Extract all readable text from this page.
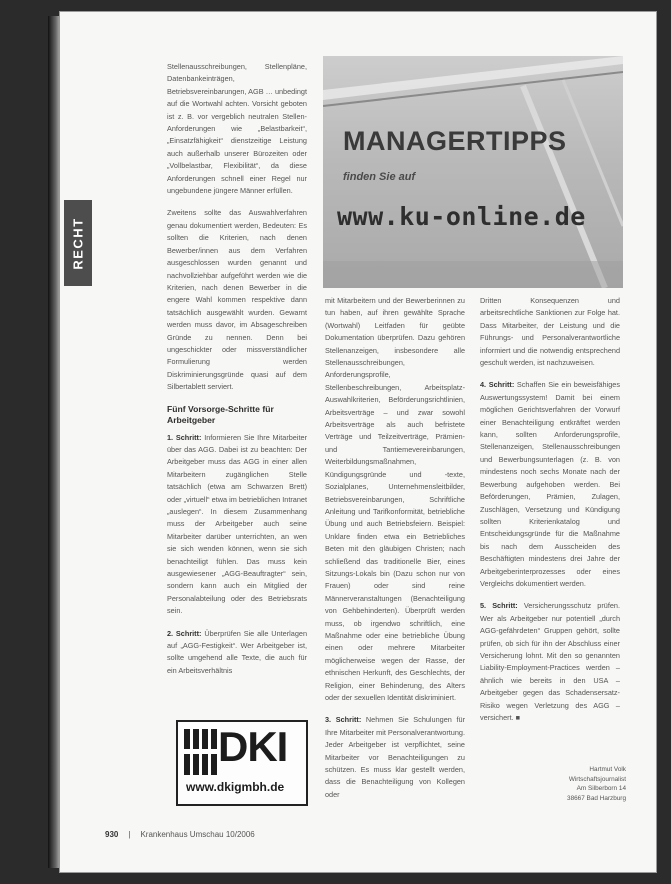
RECHT

Stellenausschreibungen, Stellenpläne, Datenbankeinträgen, Betriebsvereinbarungen, AGB … unbedingt auf die Wortwahl achten. Vorsicht geboten ist z. B. vor vergeblich neutralen Stellen-Anforderungen wie „Belastbarkeit“, „Einsatzfähigkeit“ dienstzeitige Leistung auch außerhalb unserer Bürozeiten oder „Vollbelastbar, Flexibilität“, da diese Anforderungen schnell einer Regel nur ungebundene jüngere Männer erfüllen.

Zweitens sollte das Auswahlverfahren genau dokumentiert werden, Bedeuten: Es sollten die Kriterien, nach denen Bewerber/innen aus dem Verfahren ausgeschlossen wurden genannt und nachvollziehbar aufgeführt werden wie die Kriterien, nach denen Bewerber in die engere Wahl kommen respektive dann tatsächlich ausgewählt wurden. Gewarnt werden muss davor, im Absageschreiben Gründe zu nennen. Denn bei ungeschickter oder missverständlicher Formulierung werden Diskriminierungsgründe quasi auf dem Silbertablett serviert.

Fünf Vorsorge-Schritte für Arbeitgeber

1. Schritt: Informieren Sie Ihre Mitarbeiter über das AGG. Dabei ist zu beachten: Der Arbeitgeber muss das AGG in einer allen Mitarbeitern zugänglichen Stelle tatsächlich (etwa am Schwarzen Brett) oder „virtuell“ etwa im betrieblichen Intranet „auslegen“. In diesem Zusammenhang muss der Arbeitgeber auch seine Mitarbeiter darüber unterrichten, an wen sie sich wenden können, wenn sie sich benachteiligt fühlen. Das muss kein ausgewiesener „AGG-Beauftragter“ sein, sondern kann auch ein Mitglied der Personalabteilung oder des Betriebsrats sein.

2. Schritt: Überprüfen Sie alle Unterlagen auf „AGG-Festigkeit“. Wer Arbeitgeber ist, sollte umgehend alle Texte, die auch für ein Arbeitsverhältnis

MANAGERTIPPS
finden Sie auf
www.ku-online.de

mit Mitarbeitern und der Bewerberinnen zu tun haben, auf ihren gewählte Sprache (Wortwahl) Leitfaden für geübte Dokumentation überprüfen. Dazu gehören Stellenanzeigen, insbesondere alle Stellenausschreibungen, Anforderungsprofile, Stellenbeschreibungen, Arbeitsplatz-Auswahlkriterien, Beförderungsrichtlinien, Arbeitsverträge – und zwar sowohl Arbeitsverträge als auch befristete Verträge und Teilzeitverträge, Prämien- und Tantiemevereinbarungen, Weiterbildungsmaßnahmen, Kündigungsgründe und -texte, Sozialplanes, Unternehmensleitbilder, Betriebsvereinbarungen, Schriftliche Anleitung und Tarifkonformität, betriebliche Übung und auch Betriebsfeiern. Beispiel: Unklare finden etwa ein Betriebliches Beten mit den gläubigen Christen; nach schließend das traditionelle Bier, eines Sitzungs-Lokals bin (Dazu schon nur von Frauen) oder sind reine Männerveranstaltungen (Benachteiligung von Gehbehinderten). Überprüft werden muss, ob irgendwo schriftlich, eine Maßnahme oder eine betriebliche Übung einen oder mehrere Mitarbeiter möglicherweise wegen der Rasse, der ethnischen Herkunft, des Geschlechts, der Religion, einer Behinderung, des Alters oder der sexuellen Identität diskriminiert.

3. Schritt: Nehmen Sie Schulungen für Ihre Mitarbeiter mit Personalverantwortung. Jeder Arbeitgeber ist verpflichtet, seine Mitarbeiter vor Benachteiligungen zu schützen. Es muss klar gestellt werden, dass die Benachteiligung von Kollegen oder

Dritten Konsequenzen und arbeitsrechtliche Sanktionen zur Folge hat. Dass Mitarbeiter, der Leistung und die Führungs- und Personalverantwortliche informiert und die notwendig entsprechend geschult werden, ist nachzuweisen.

4. Schritt: Schaffen Sie ein beweisfähiges Auswertungssystem! Damit bei einem möglichen Gerichtsverfahren der Vorwurf einer Benachteiligung entkräftet werden kann, sollten Anforderungsprofile, Stellenanzeigen, Stellenausschreibungen und Bewerbungsunterlagen (z. B. von mindestens noch sechs Monate nach der Bewerbung aufgehoben werden. Bei Beförderungen, Prämien, Zulagen, Zuschlägen, Versetzung und Kündigung sollten Kriterienkatalog und Entscheidungsgründe für die Maßnahme bis nach dem Ausscheiden des Beschäftigten mindestens drei Jahre der Arbeitgeberinterprozesses oder eines Vergleichs dokumentiert werden.

5. Schritt: Versicherungsschutz prüfen. Wer als Arbeitgeber nur potentiell „durch AGG-gefährdeten“ Gruppen gehört, sollte prüfen, ob sich für ihn der Abschluss einer Versicherung lohnt. Mit den so genannten Liability-Employment-Practices werden – ähnlich wie bereits in den USA – Arbeitgeber gegen das Schadensersatz-Risiko wegen Verletzung des AGG – versichert. ■

DKI
www.dkigmbh.de
Hartmut Volk
Wirtschaftsjournalist
Am Silberborn 14
38667 Bad Harzburg
930 | Krankenhaus Umschau 10/2006
